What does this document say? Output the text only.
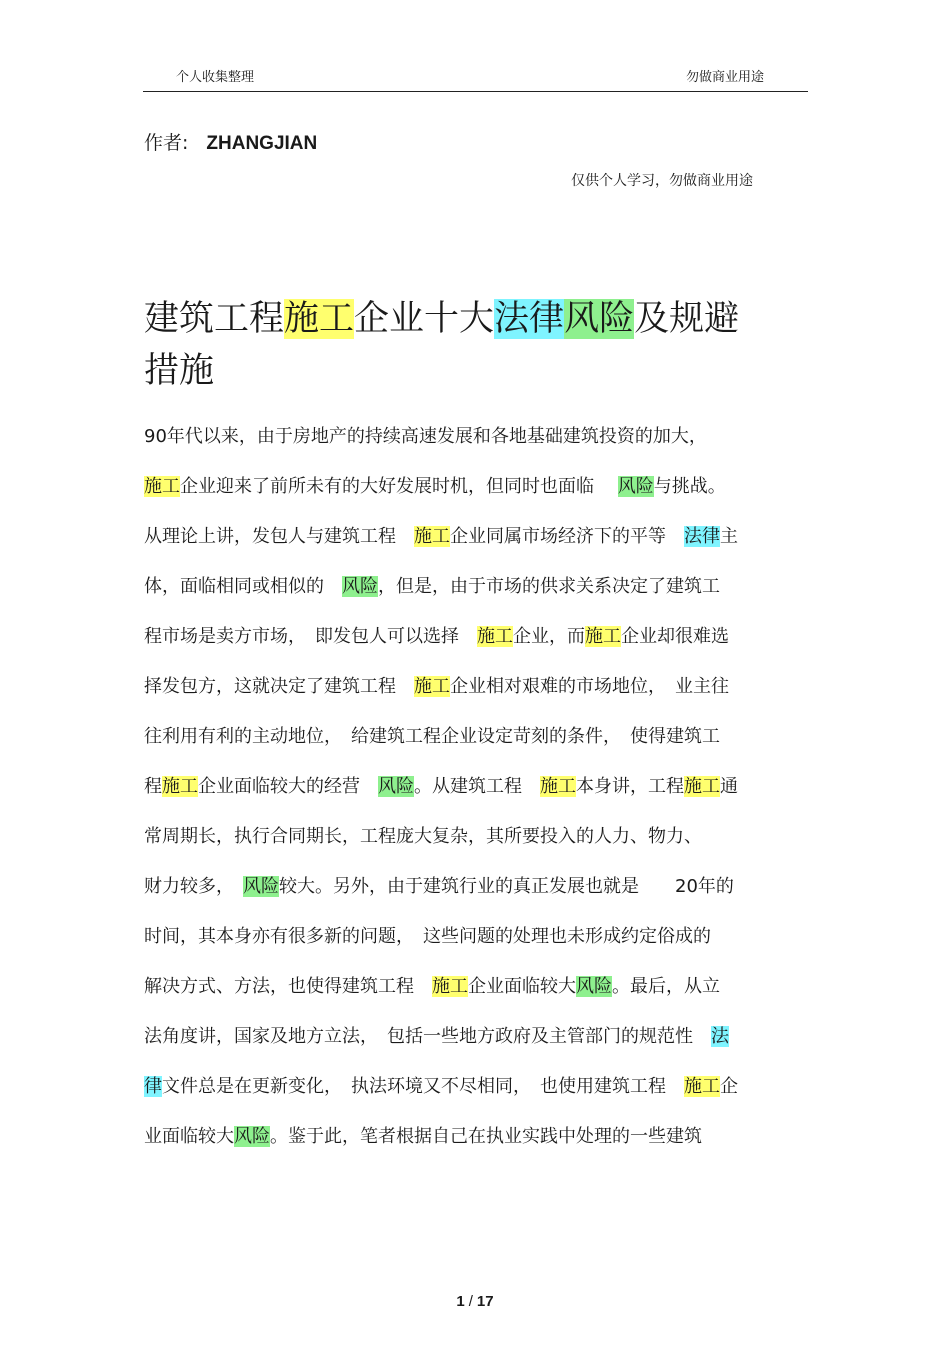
个人收集整理	勿做商业用途
作者: ZHANGJIAN
仅供个人学习，勿做商业用途
建筑工程施工企业十大法律风险及规避
措施
90年代以来，由于房地产的持续高速发展和各地基础建筑投资的加大，
施工企业迎来了前所未有的大好发展时机，但同时也面临　 风险与挑战。
从理论上讲，发包人与建筑工程　施工企业同属市场经济下的平等　法律主
体，面临相同或相似的　风险，但是，由于市场的供求关系决定了建筑工
程市场是卖方市场，　即发包人可以选择　施工企业，而施工企业却很难选
择发包方，这就决定了建筑工程　施工企业相对艰难的市场地位，　业主往
往利用有利的主动地位，　给建筑工程企业设定苛刻的条件，　使得建筑工
程施工企业面临较大的经营　风险。从建筑工程　施工本身讲，工程施工通
常周期长，执行合同期长，工程庞大复杂，其所要投入的人力、物力、
财力较多，　风险较大。另外，由于建筑行业的真正发展也就是　　20年的
时间，其本身亦有很多新的问题，　这些问题的处理也未形成约定俗成的
解决方式、方法，也使得建筑工程　施工企业面临较大风险。最后，从立
法角度讲，国家及地方立法，　包括一些地方政府及主管部门的规范性　法
律文件总是在更新变化，　执法环境又不尽相同，　也使用建筑工程　施工企
业面临较大风险。鉴于此，笔者根据自己在执业实践中处理的一些建筑
1 / 17
